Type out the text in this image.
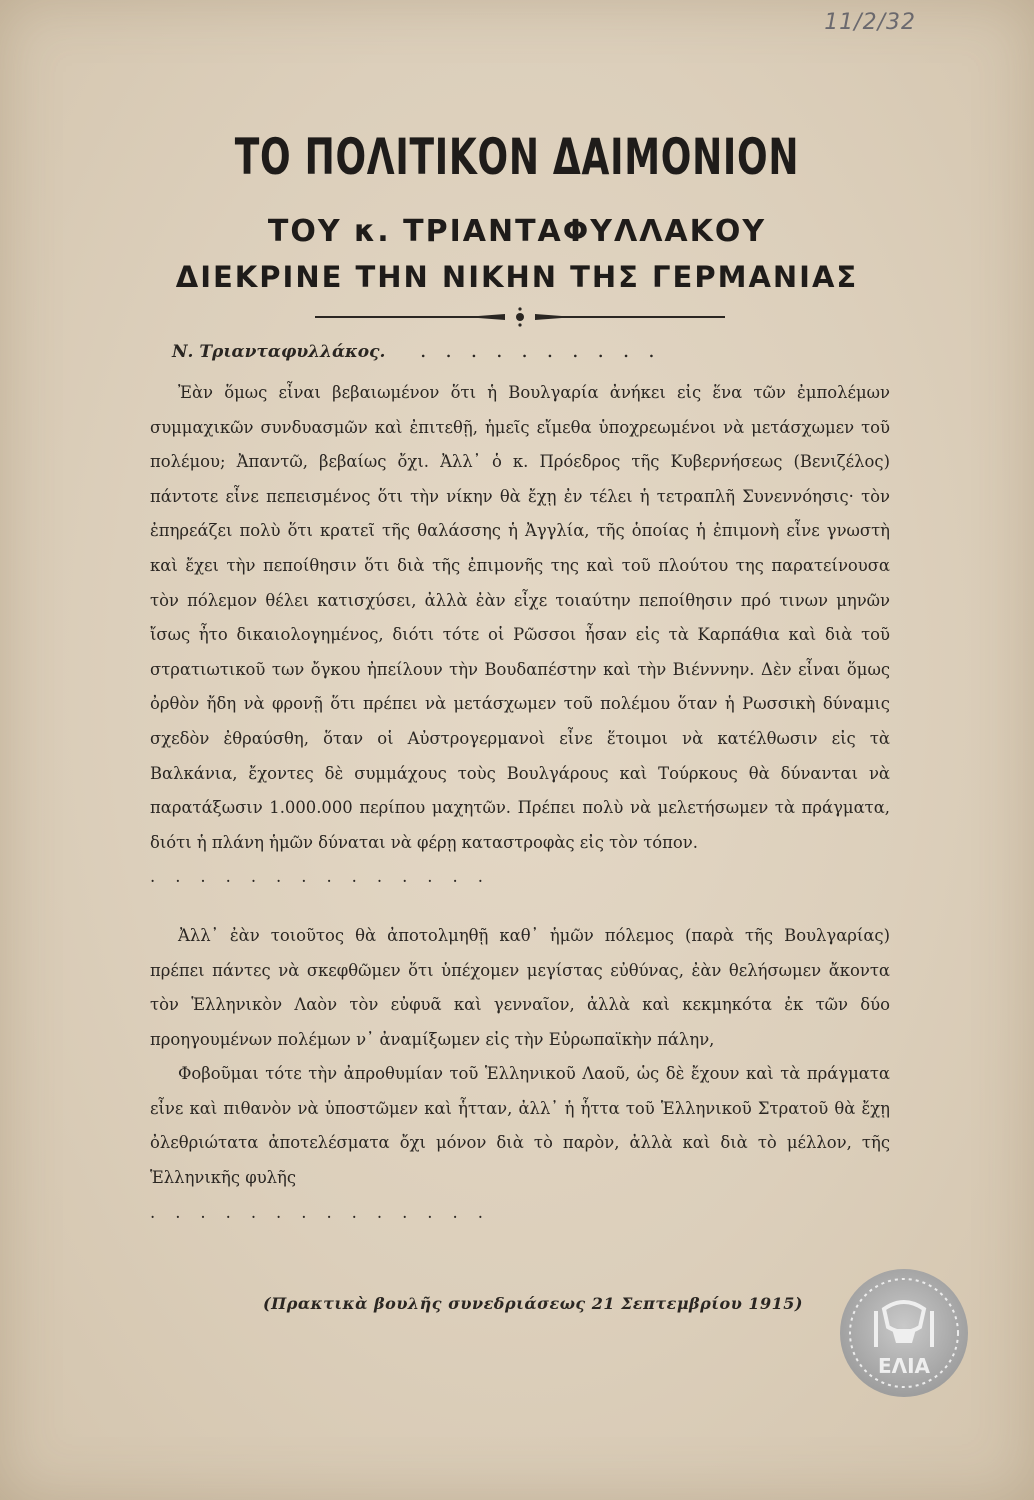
11/2/32
ΤΟ ΠΟΛΙΤΙΚΟΝ ΔΑΙΜΟΝΙΟΝ
ΤΟΥ κ. ΤΡΙΑΝΤΑΦΥΛΛΑΚΟΥ
ΔΙΕΚΡΙΝΕ ΤΗΝ ΝΙΚΗΝ ΤΗΣ ΓΕΡΜΑΝΙΑΣ
Ν. Τριανταφυλλάκος. ..........

Ἐὰν ὅμως εἶναι βεβαιωμένον ὅτι ἡ Βουλγαρία ἀνήκει εἰς ἕνα τῶν ἐμπολέμων συμμαχικῶν συνδυασμῶν καὶ ἐπιτεθῇ, ἡμεῖς εἴμεθα ὑποχρεωμένοι νὰ μετάσχωμεν τοῦ πολέμου; Ἀπαντῶ, βεβαίως ὄχι. Ἀλλ᾽ ὁ κ. Πρόεδρος τῆς Κυβερνήσεως (Βενιζέλος) πάντοτε εἶνε πεπεισμένος ὅτι τὴν νίκην θὰ ἔχῃ ἐν τέλει ἡ τετραπλῆ Συνεννόησις· τὸν ἐπηρεάζει πολὺ ὅτι κρατεῖ τῆς θαλάσσης ἡ Ἀγγλία, τῆς ὁποίας ἡ ἐπιμονὴ εἶνε γνωστὴ καὶ ἔχει τὴν πεποίθησιν ὅτι διὰ τῆς ἐπιμονῆς της καὶ τοῦ πλούτου της παρατείνουσα τὸν πόλεμον θέλει κατισχύσει, ἀλλὰ ἐὰν εἶχε τοιαύτην πεποίθησιν πρό τινων μηνῶν ἴσως ἦτο δικαιολογημένος, διότι τότε οἱ Ρῶσσοι ἦσαν εἰς τὰ Καρπάθια καὶ διὰ τοῦ στρατιωτικοῦ των ὄγκου ἠπείλουν τὴν Βουδαπέστην καὶ τὴν Βιένννην. Δὲν εἶναι ὅμως ὀρθὸν ἤδη νὰ φρονῇ ὅτι πρέπει νὰ μετάσχωμεν τοῦ πολέμου ὅταν ἡ Ρωσσικὴ δύναμις σχεδὸν ἐθραύσθη, ὅταν οἱ Αὐστρογερμανοὶ εἶνε ἕτοιμοι νὰ κατέλθωσιν εἰς τὰ Βαλκάνια, ἔχοντες δὲ συμμάχους τοὺς Βουλγάρους καὶ Τούρκους θὰ δύνανται νὰ παρατάξωσιν 1.000.000 περίπου μαχητῶν. Πρέπει πολὺ νὰ μελετήσωμεν τὰ πράγματα, διότι ἡ πλάνη ἡμῶν δύναται νὰ φέρῃ καταστροφὰς εἰς τὸν τόπον.

..............

Ἀλλ᾽ ἐὰν τοιοῦτος θὰ ἀποτολμηθῇ καθ᾽ ἡμῶν πόλεμος (παρὰ τῆς Βουλγαρίας) πρέπει πάντες νὰ σκεφθῶμεν ὅτι ὑπέχομεν μεγίστας εὐθύνας, ἐὰν θελήσωμεν ἄκοντα τὸν Ἑλληνικὸν Λαὸν τὸν εὐφυᾶ καὶ γενναῖον, ἀλλὰ καὶ κεκμηκότα ἐκ τῶν δύο προηγουμένων πολέμων ν᾽ ἀναμίξωμεν εἰς τὴν Εὐρωπαϊκὴν πάλην,

Φοβοῦμαι τότε τὴν ἀπροθυμίαν τοῦ Ἑλληνικοῦ Λαοῦ, ὡς δὲ ἔχουν καὶ τὰ πράγματα εἶνε καὶ πιθανὸν νὰ ὑποστῶμεν καὶ ἧτταν, ἀλλ᾽ ἡ ἧττα τοῦ Ἑλληνικοῦ Στρατοῦ θὰ ἔχῃ ὀλεθριώτατα ἀποτελέσματα ὄχι μόνον διὰ τὸ παρὸν, ἀλλὰ καὶ διὰ τὸ μέλλον, τῆς Ἑλληνικῆς φυλῆς

..............

(Πρακτικὰ βουλῆς συνεδριάσεως 21 Σεπτεμβρίου 1915)
ΕΛΙΑ
